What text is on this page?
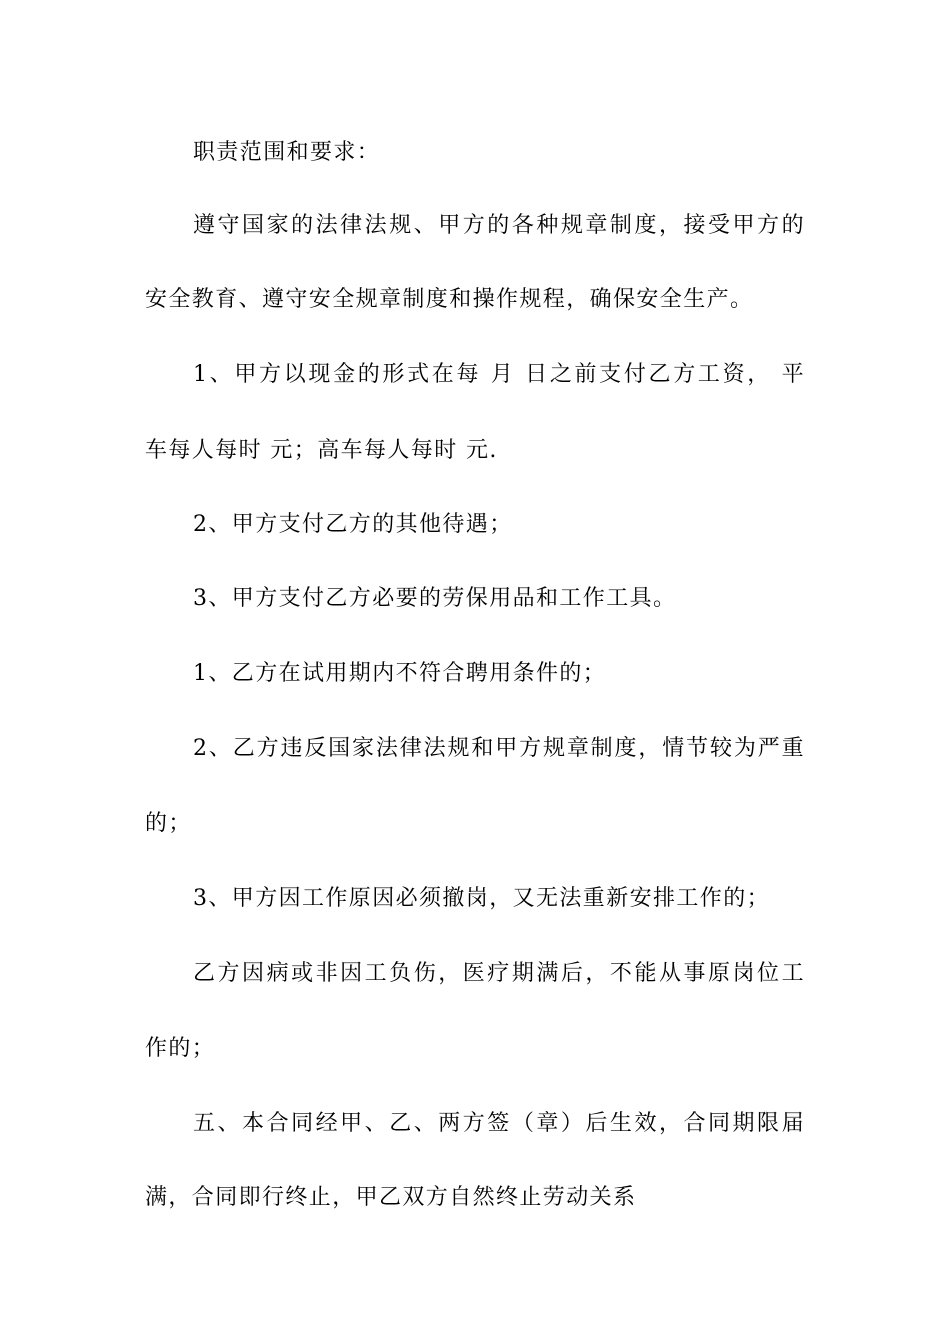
职责范围和要求：
遵守国家的法律法规、甲方的各种规章制度，接受甲方的
安全教育、遵守安全规章制度和操作规程，确保安全生产。
1、甲方以现金的形式在每 月 日之前支付乙方工资， 平
车每人每时 元；高车每人每时 元.
2、甲方支付乙方的其他待遇；
3、甲方支付乙方必要的劳保用品和工作工具。
1、乙方在试用期内不符合聘用条件的；
2、乙方违反国家法律法规和甲方规章制度，情节较为严重
的；
3、甲方因工作原因必须撤岗，又无法重新安排工作的；
乙方因病或非因工负伤，医疗期满后，不能从事原岗位工
作的；
五、本合同经甲、乙、两方签（章）后生效，合同期限届
满，合同即行终止，甲乙双方自然终止劳动关系
